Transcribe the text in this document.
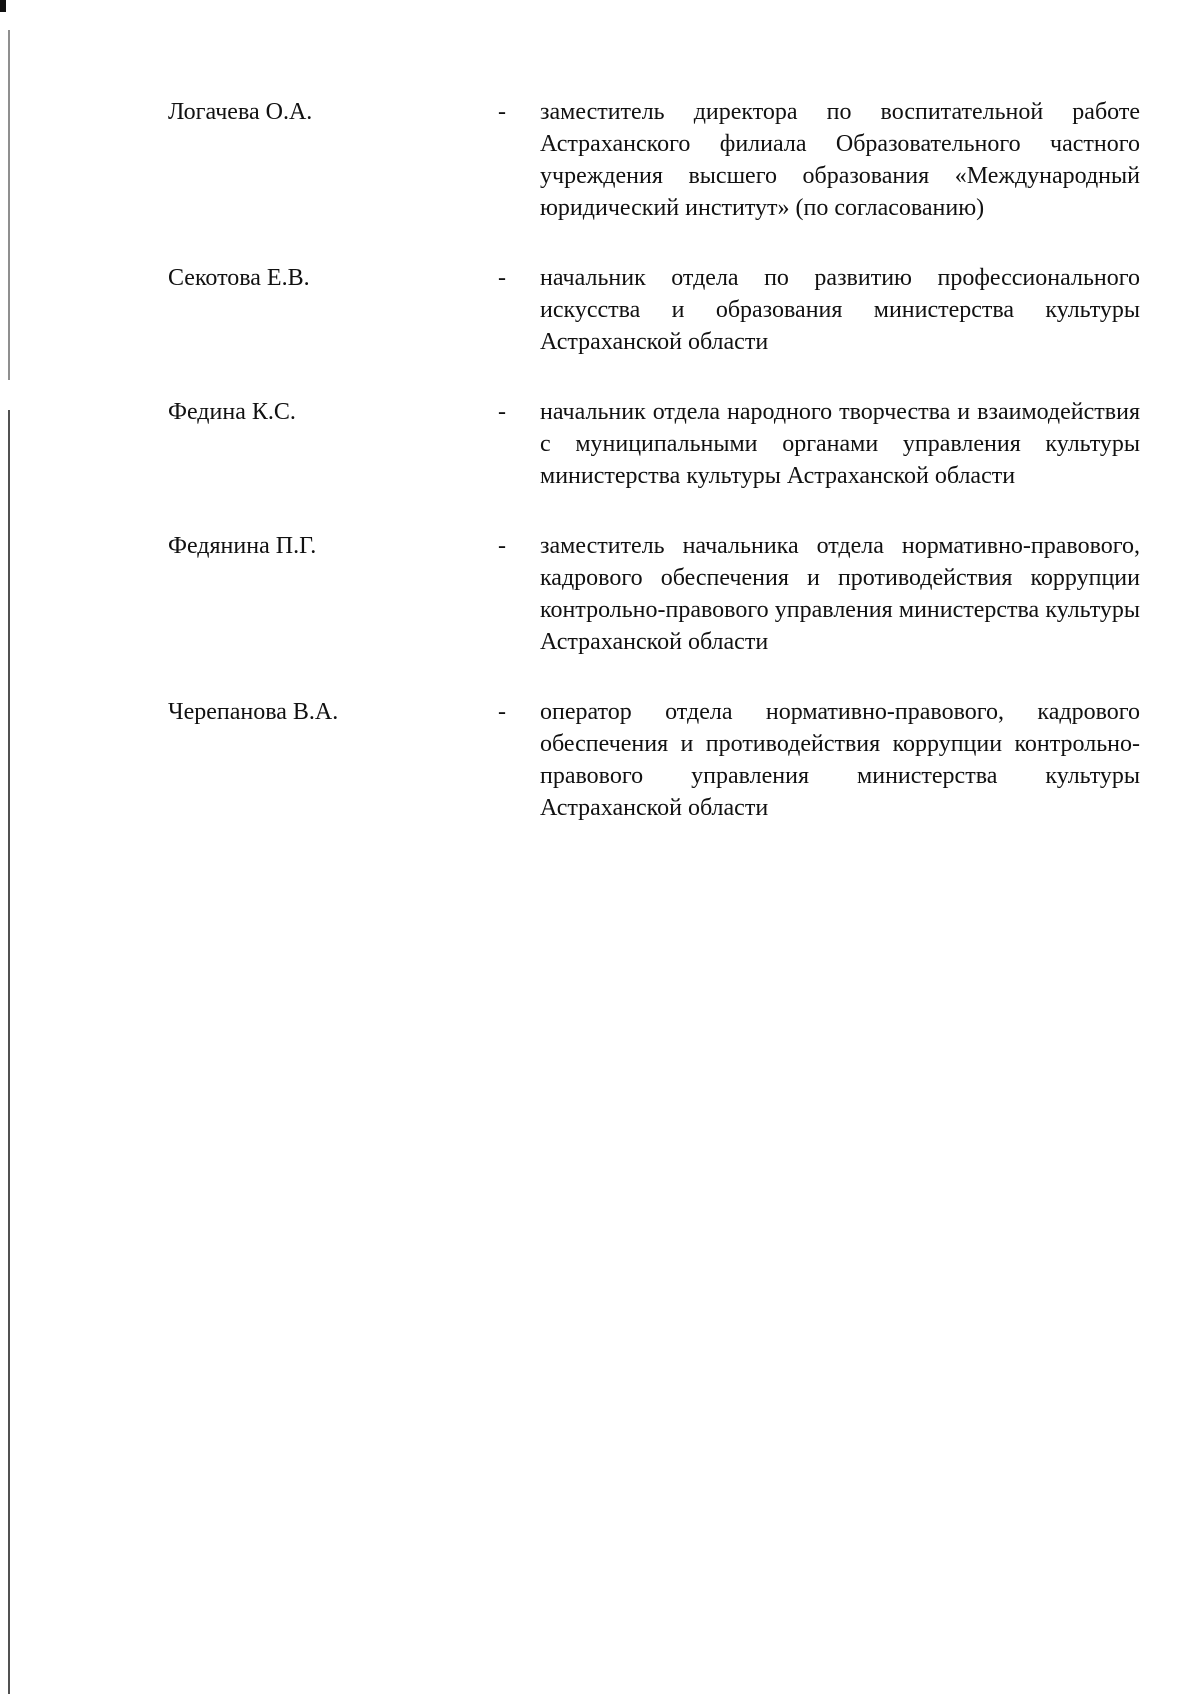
Логачева О.А.	-	заместитель директора по воспитательной работе Астраханского филиала Образовательного частного учреждения высшего образования «Международный юридический институт» (по согласованию)
Секотова Е.В.	-	начальник отдела по развитию профессионального искусства и образования министерства культуры Астраханской области
Федина К.С.	-	начальник отдела народного творчества и взаимодействия с муниципальными органами управления культуры министерства культуры Астраханской области
Федянина П.Г.	-	заместитель начальника отдела нормативно-правового, кадрового обеспечения и противодействия коррупции контрольно-правового управления министерства культуры Астраханской области
Черепанова В.А.	-	оператор отдела нормативно-правового, кадрового обеспечения и противодействия коррупции контрольно-правового управления министерства культуры Астраханской области
